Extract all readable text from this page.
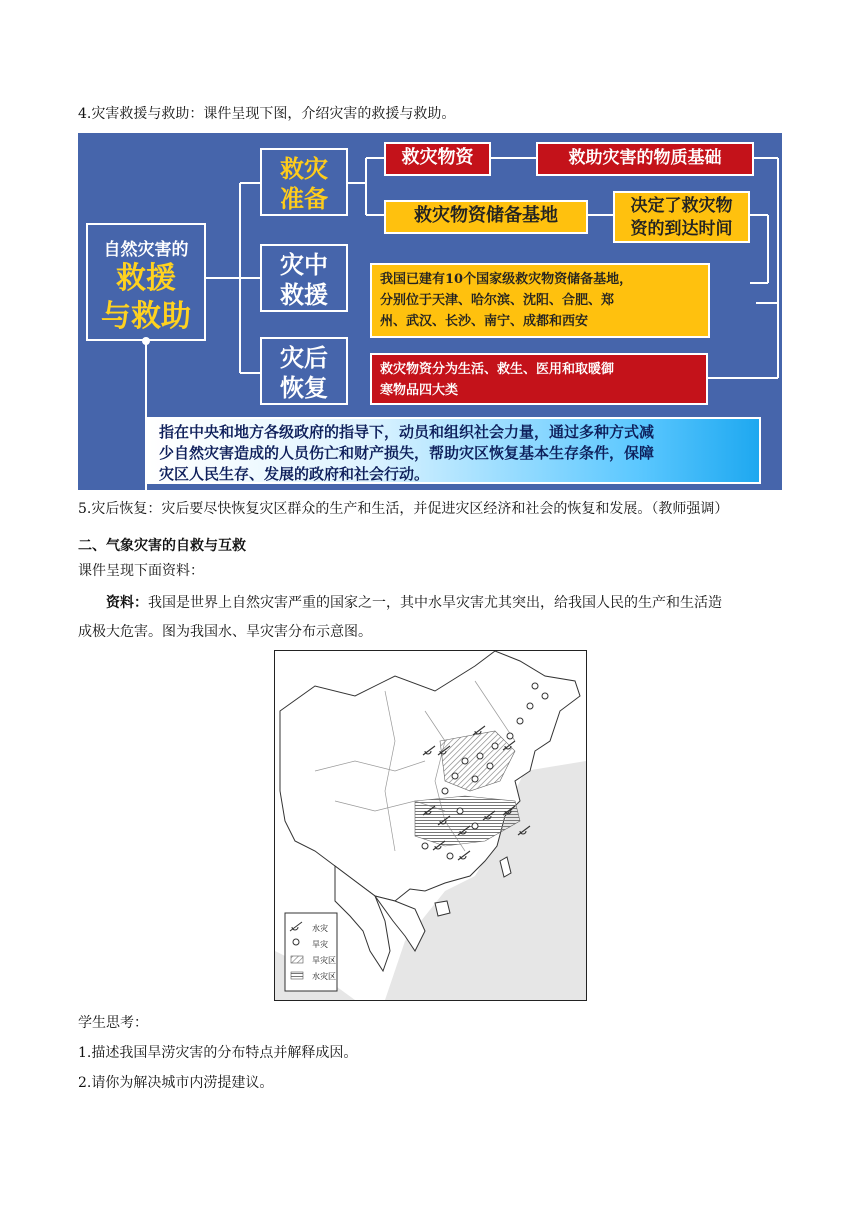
4.灾害救援与救助：课件呈现下图，介绍灾害的救援与救助。
自然灾害的
救援
与救助
救灾
准备
灾中
救援
灾后
恢复
救灾物资	救助灾害的物质基础
救灾物资储备基地	决定了救灾物
资的到达时间
我国已建有10个国家级救灾物资储备基地，
分别位于天津、哈尔滨、沈阳、合肥、郑
州、武汉、长沙、南宁、成都和西安
救灾物资分为生活、救生、医用和取暖御
寒物品四大类
指在中央和地方各级政府的指导下，动员和组织社会力量，通过多种方式减
少自然灾害造成的人员伤亡和财产损失，帮助灾区恢复基本生存条件，保障
灾区人民生存、发展的政府和社会行动。
5.灾后恢复：灾后要尽快恢复灾区群众的生产和生活，并促进灾区经济和社会的恢复和发展。（教师强调）
二、气象灾害的自救与互救
课件呈现下面资料：
资料：我国是世界上自然灾害严重的国家之一，其中水旱灾害尤其突出，给我国人民的生产和生活造
成极大危害。图为我国水、旱灾害分布示意图。
水灾
旱灾
旱灾区
水灾区
学生思考：
1.描述我国旱涝灾害的分布特点并解释成因。
2.请你为解决城市内涝提建议。
